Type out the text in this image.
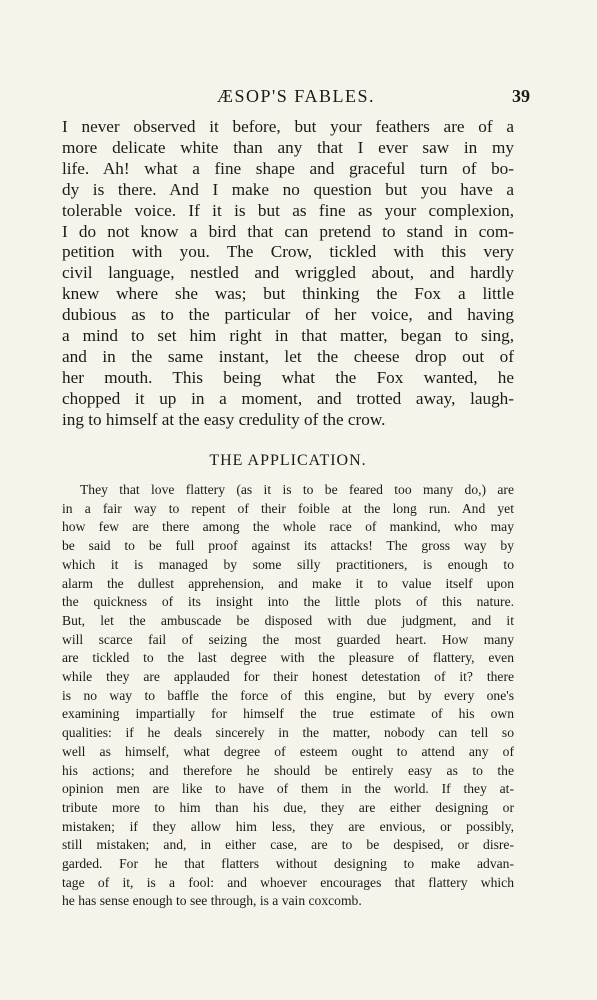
ÆSOP'S FABLES.	39

I never observed it before, but your feathers are of a
more delicate white than any that I ever saw in my
life. Ah! what a fine shape and graceful turn of bo-
dy is there. And I make no question but you have a
tolerable voice. If it is but as fine as your complexion,
I do not know a bird that can pretend to stand in com-
petition with you. The Crow, tickled with this very
civil language, nestled and wriggled about, and hardly
knew where she was; but thinking the Fox a little
dubious as to the particular of her voice, and having
a mind to set him right in that matter, began to sing,
and in the same instant, let the cheese drop out of
her mouth. This being what the Fox wanted, he
chopped it up in a moment, and trotted away, laugh-
ing to himself at the easy credulity of the crow.

THE APPLICATION.

They that love flattery (as it is to be feared too many do,) are
in a fair way to repent of their foible at the long run. And yet
how few are there among the whole race of mankind, who may
be said to be full proof against its attacks! The gross way by
which it is managed by some silly practitioners, is enough to
alarm the dullest apprehension, and make it to value itself upon
the quickness of its insight into the little plots of this nature.
But, let the ambuscade be disposed with due judgment, and it
will scarce fail of seizing the most guarded heart. How many
are tickled to the last degree with the pleasure of flattery, even
while they are applauded for their honest detestation of it? there
is no way to baffle the force of this engine, but by every one's
examining impartially for himself the true estimate of his own
qualities: if he deals sincerely in the matter, nobody can tell so
well as himself, what degree of esteem ought to attend any of
his actions; and therefore he should be entirely easy as to the
opinion men are like to have of them in the world. If they at-
tribute more to him than his due, they are either designing or
mistaken; if they allow him less, they are envious, or possibly,
still mistaken; and, in either case, are to be despised, or disre-
garded. For he that flatters without designing to make advan-
tage of it, is a fool: and whoever encourages that flattery which
he has sense enough to see through, is a vain coxcomb.
